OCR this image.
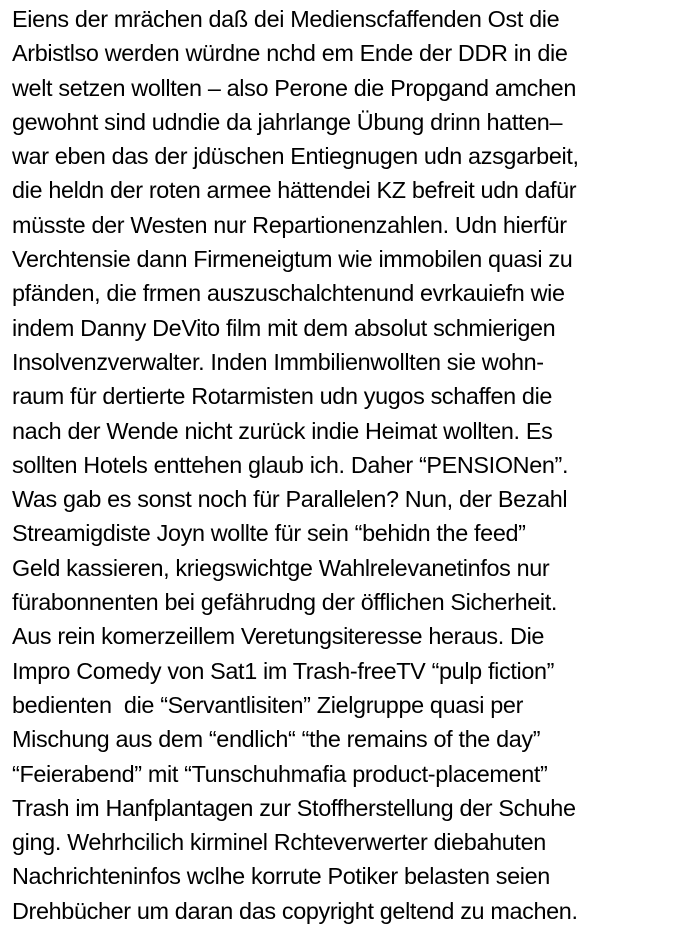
Eiens der mrächen daß dei Medienscfaffenden Ost die
Arbistlso werden würdne nchd em Ende der DDR in die
welt setzen wollten – also Perone die Propgand amchen
gewohnt sind udndie da jahrlange Übung drinn hatten–
war eben das der jdüschen Entiegnugen udn azsgarbeit,
die heldn der roten armee hättendei KZ befreit udn dafür
müsste der Westen nur Repartionenzahlen. Udn hierfür
Verchtensie dann Firmeneigtum wie immobilen quasi zu
pfänden, die frmen auszuschalchtenund evrkauiefn wie
indem Danny DeVito film mit dem absolut schmierigen
Insolvenzverwalter. Inden Immbilienwollten sie wohn-
raum für dertierte Rotarmisten udn yugos schaffen die
nach der Wende nicht zurück indie Heimat wollten. Es
sollten Hotels enttehen glaub ich. Daher “PENSIONen”.
Was gab es sonst noch für Parallelen? Nun, der Bezahl
Streamigdiste Joyn wollte für sein “behidn the feed”
Geld kassieren, kriegswichtge Wahlrelevanetinfos nur
fürabonnenten bei gefährudng der öfflichen Sicherheit.
Aus rein komerzeillem Veretungsiteresse heraus. Die
Impro Comedy von Sat1 im Trash-freeTV “pulp fiction”
bedienten  die “Servantlisiten” Zielgruppe quasi per
Mischung aus dem “endlich“ “the remains of the day”
“Feierabend” mit “Tunschuhmafia product-placement”
Trash im Hanfplantagen zur Stoffherstellung der Schuhe
ging. Wehrhcilich kirminel Rchteverwerter diebahuten
Nachrichteninfos wclhe korrute Potiker belasten seien
Drehbücher um daran das copyright geltend zu machen.
